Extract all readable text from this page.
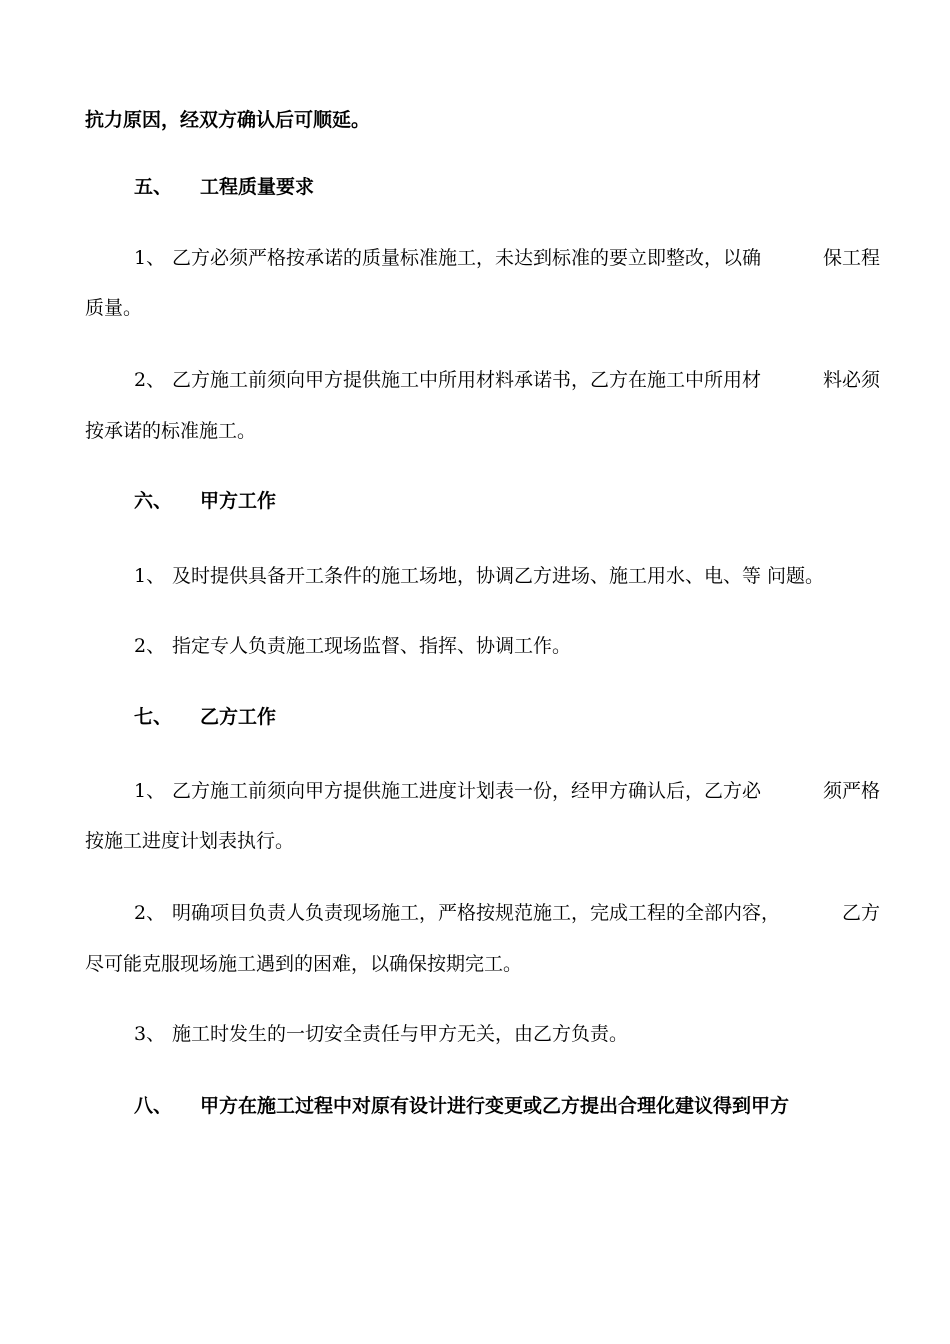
抗力原因，经双方确认后可顺延。
五、 工程质量要求
1、 乙方必须严格按承诺的质量标准施工，未达到标准的要立即整改，以确	保工程
质量。
2、 乙方施工前须向甲方提供施工中所用材料承诺书，乙方在施工中所用材	料必须
按承诺的标准施工。
六、 甲方工作
1、 及时提供具备开工条件的施工场地，协调乙方进场、施工用水、电、等 问题。
2、 指定专人负责施工现场监督、指挥、协调工作。
七、 乙方工作
1、 乙方施工前须向甲方提供施工进度计划表一份，经甲方确认后，乙方必	须严格
按施工进度计划表执行。
2、 明确项目负责人负责现场施工，严格按规范施工，完成工程的全部内容，	乙方
尽可能克服现场施工遇到的困难，以确保按期完工。
3、 施工时发生的一切安全责任与甲方无关，由乙方负责。
八、 甲方在施工过程中对原有设计进行变更或乙方提出合理化建议得到甲方
